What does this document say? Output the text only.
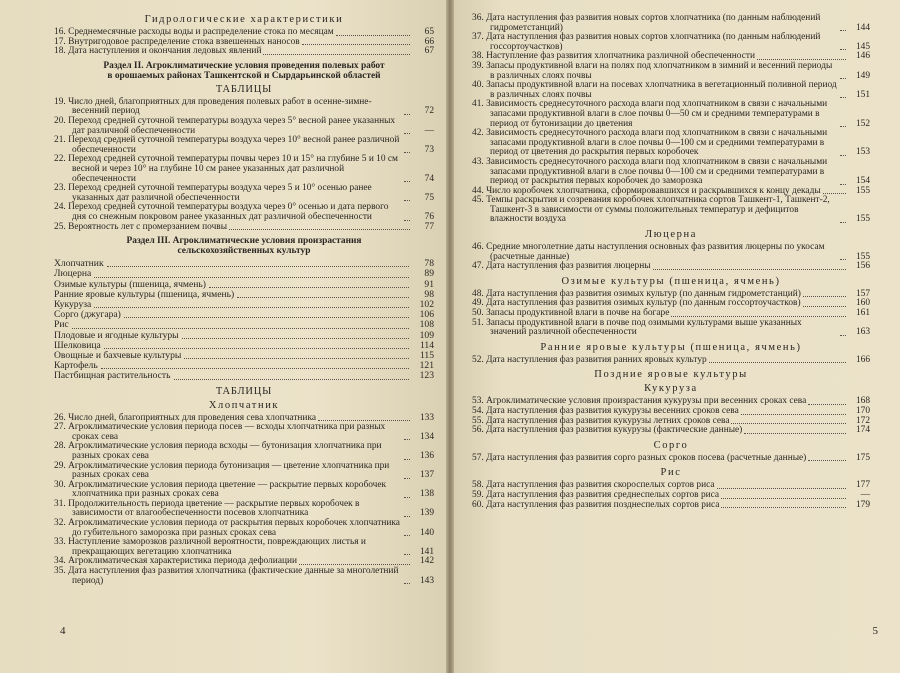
Гидрологические характеристики
16. Среднемесячные расходы воды и распределение стока по месяцам	65
17. Внутригодовое распределение стока взвешенных наносов	66
18. Дата наступления и окончания ледовых явлений	67
Раздел II. Агроклиматические условия проведения полевых работ
в орошаемых районах Ташкентской и Сырдарьинской областей
ТАБЛИЦЫ
19. Число дней, благоприятных для проведения полевых работ в осенне-зимне-весенний период	72
20. Переход средней суточной температуры воздуха через 5° весной ранее указанных дат различной обеспеченности	—
21. Переход средней суточной температуры воздуха через 10° весной ранее различной обеспеченности	73
22. Переход средней суточной температуры почвы через 10 и 15° на глубине 5 и 10 см весной и через 10° на глубине 10 см ранее указанных дат различной обеспеченности	74
23. Переход средней суточной температуры воздуха через 5 и 10° осенью ранее указанных дат различной обеспеченности	75
24. Переход средней суточной температуры воздуха через 0° осенью и дата первого дня со снежным покровом ранее указанных дат различной обеспеченности	76
25. Вероятность лет с промерзанием почвы	77
Раздел III. Агроклиматические условия произрастания
сельскохозяйственных культур
Хлопчатник	78
Люцерна	89
Озимые культуры (пшеница, ячмень)	91
Ранние яровые культуры (пшеница, ячмень)	98
Кукуруза	102
Сорго (джугара)	106
Рис	108
Плодовые и ягодные культуры	109
Шелковица	114
Овощные и бахчевые культуры	115
Картофель	121
Пастбищная растительность	123
ТАБЛИЦЫ
Хлопчатник
26. Число дней, благоприятных для проведения сева хлопчатника	133
27. Агроклиматические условия периода посев — всходы хлопчатника при разных сроках сева	134
28. Агроклиматические условия периода всходы — бутонизация хлопчатника при разных сроках сева	136
29. Агроклиматические условия периода бутонизация — цветение хлопчатника при разных сроках сева	137
30. Агроклиматические условия периода цветение — раскрытие первых коробочек хлопчатника при разных сроках сева	138
31. Продолжительность периода цветение — раскрытие первых коробочек в зависимости от влагообеспеченности посевов хлопчатника	139
32. Агроклиматические условия периода от раскрытия первых коробочек хлопчатника до губительного заморозка при разных сроках сева	140
33. Наступление заморозков различной вероятности, повреждающих листья и прекращающих вегетацию хлопчатника	141
34. Агроклиматическая характеристика периода дефолиации	142
35. Дата наступления фаз развития хлопчатника (фактические данные за многолетний период)	143
4
36. Дата наступления фаз развития новых сортов хлопчатника (по данным наблюдений гидрометстанций)	144
37. Дата наступления фаз развития новых сортов хлопчатника (по данным наблюдений госсортоучастков)	145
38. Наступление фаз развития хлопчатника различной обеспеченности	146
39. Запасы продуктивной влаги на полях под хлопчатником в зимний и весенний периоды в различных слоях почвы	149
40. Запасы продуктивной влаги на посевах хлопчатника в вегетационный поливной период в различных слоях почвы	151
41. Зависимость среднесуточного расхода влаги под хлопчатником в связи с начальными запасами продуктивной влаги в слое почвы 0—50 см и средними температурами в период от бутонизации до цветения	152
42. Зависимость среднесуточного расхода влаги под хлопчатником в связи с начальными запасами продуктивной влаги в слое почвы 0—100 см и средними температурами в период от цветения до раскрытия первых коробочек	153
43. Зависимость среднесуточного расхода влаги под хлопчатником в связи с начальными запасами продуктивной влаги в слое почвы 0—100 см и средними температурами в период от раскрытия первых коробочек до заморозка	154
44. Число коробочек хлопчатника, сформировавшихся и раскрывшихся к концу декады	155
45. Темпы раскрытия и созревания коробочек хлопчатника сортов Ташкент-1, Ташкент-2, Ташкент-3 в зависимости от суммы положительных температур и дефицитов влажности воздуха	155
Люцерна
46. Средние многолетние даты наступления основных фаз развития люцерны по укосам (расчетные данные)	155
47. Дата наступления фаз развития люцерны	156
Озимые культуры (пшеница, ячмень)
48. Дата наступления фаз развития озимых культур (по данным гидрометстанций)	157
49. Дата наступления фаз развития озимых культур (по данным госсортоучастков)	160
50. Запасы продуктивной влаги в почве на богаре	161
51. Запасы продуктивной влаги в почве под озимыми культурами выше указанных значений различной обеспеченности	163
Ранние яровые культуры (пшеница, ячмень)
52. Дата наступления фаз развития ранних яровых культур	166
Поздние яровые культуры
Кукуруза
53. Агроклиматические условия произрастания кукурузы при весенних сроках сева	168
54. Дата наступления фаз развития кукурузы весенних сроков сева	170
55. Дата наступления фаз развития кукурузы летних сроков сева	172
56. Дата наступления фаз развития кукурузы (фактические данные)	174
Сорго
57. Дата наступления фаз развития сорго разных сроков посева (расчетные данные)	175
Рис
58. Дата наступления фаз развития скороспелых сортов риса	177
59. Дата наступления фаз развития среднеспелых сортов риса	—
60. Дата наступления фаз развития позднеспелых сортов риса	179
5
